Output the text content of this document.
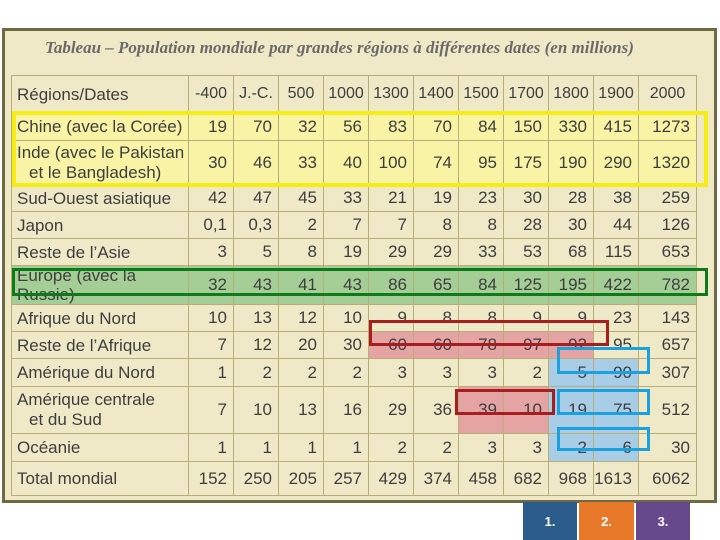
Tableau – Population mondiale par grandes régions à différentes dates (en millions)
Régions/Dates	-400	J.-C.	500	1000	1300	1400	1500	1700	1800	1900	2000
Chine (avec la Corée)	19	70	32	56	83	70	84	150	330	415	1273

Inde (avec le Pakistan
et le Bangladesh)	30	46	33	40	100	74	95	175	190	290	1320
Sud-Ouest asiatique	42	47	45	33	21	19	23	30	28	38	259
Japon	0,1	0,3	2	7	7	8	8	28	30	44	126
Reste de l’Asie	3	5	8	19	29	29	33	53	68	115	653
Europe (avec la Russie)	32	43	41	43	86	65	84	125	195	422	782
Afrique du Nord	10	13	12	10	9	8	8	9	9	23	143
Reste de l’Afrique	7	12	20	30	60	60	78	97	92	95	657
Amérique du Nord	1	2	2	2	3	3	3	2	5	90	307

Amérique centrale
et du Sud	7	10	13	16	29	36	39	10	19	75	512
Océanie	1	1	1	1	2	2	3	3	2	6	30
Total mondial	152	250	205	257	429	374	458	682	968	1613	6062
1.	2.	3.
